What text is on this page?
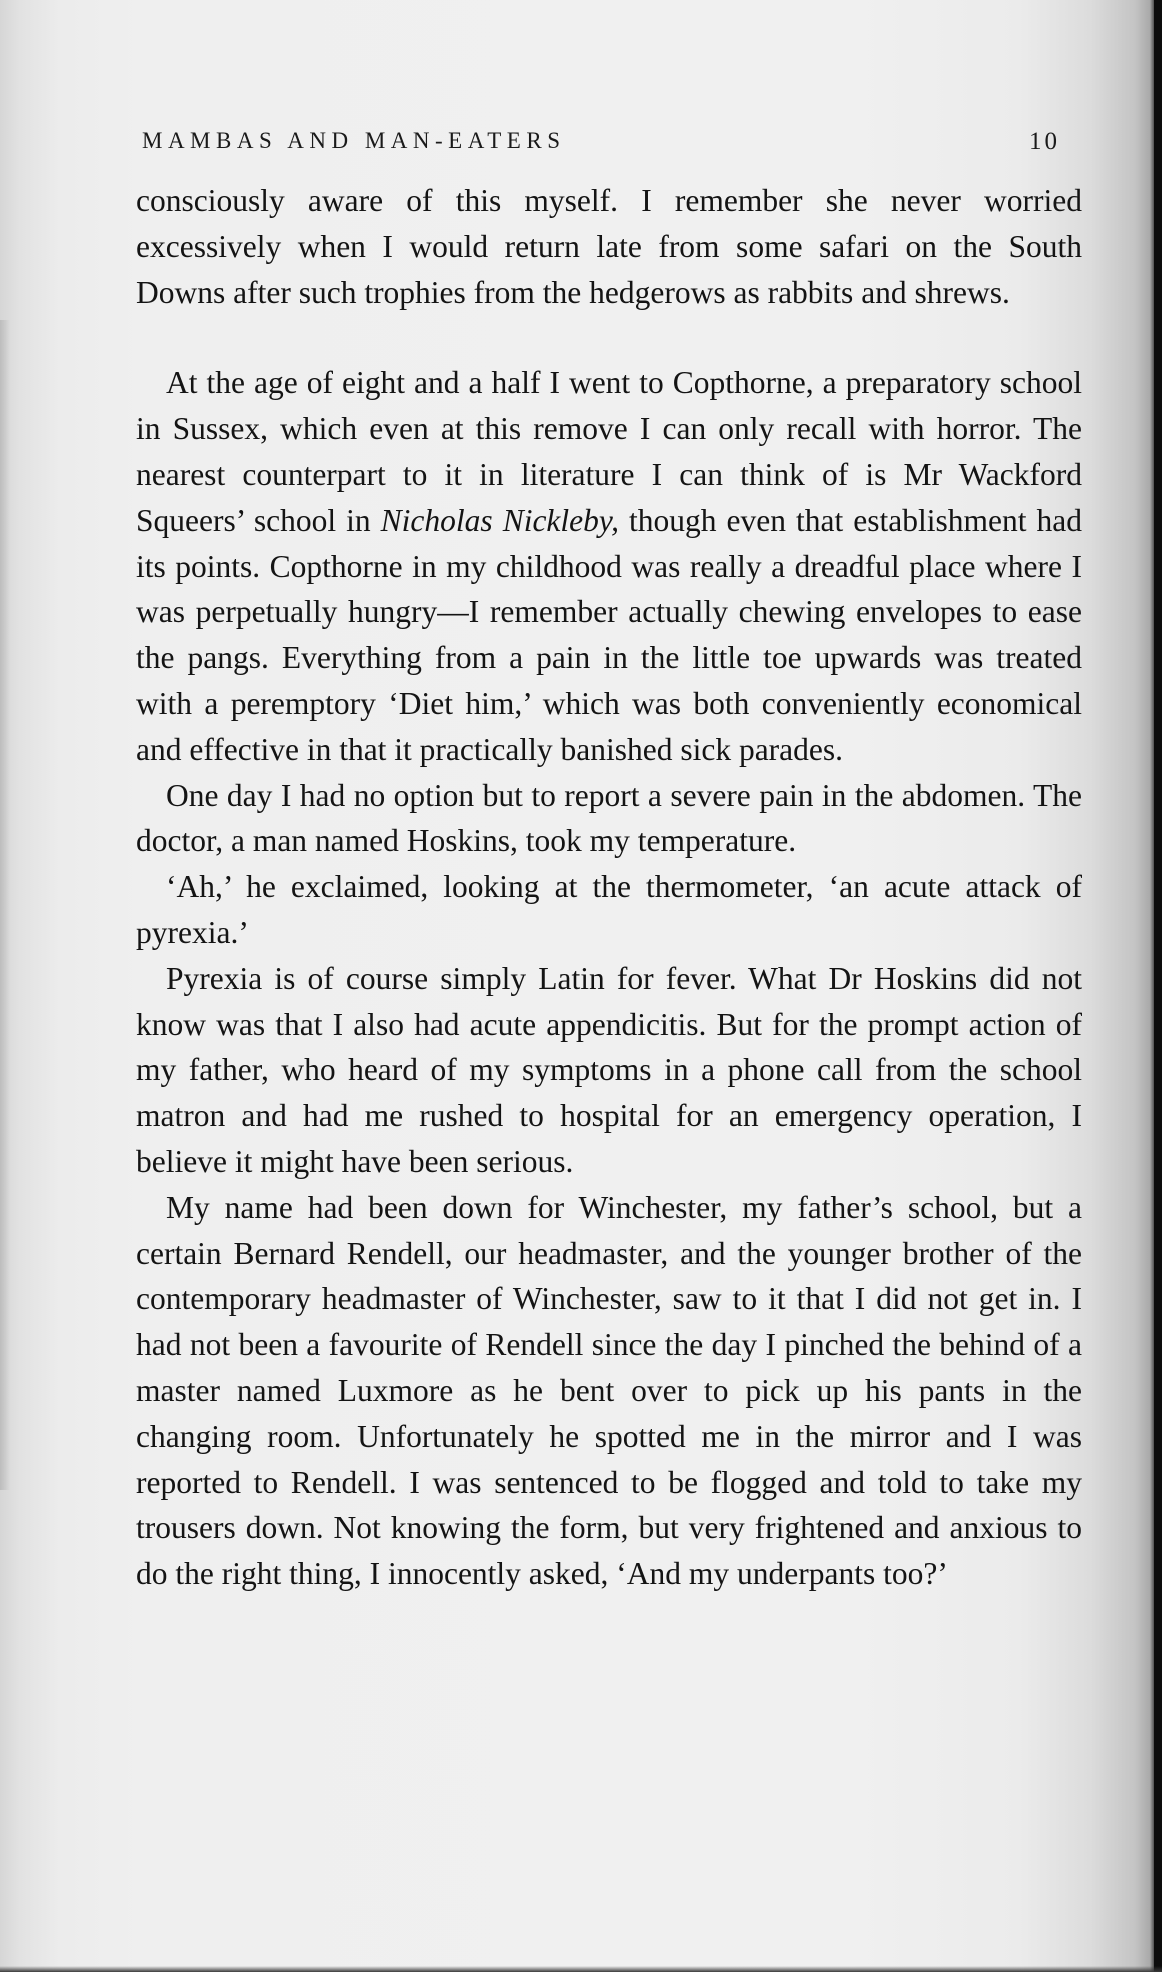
MAMBAS AND MAN-EATERS	10

consciously aware of this myself. I remember she never worried excessively when I would return late from some safari on the South Downs after such trophies from the hedgerows as rabbits and shrews.

At the age of eight and a half I went to Copthorne, a preparatory school in Sussex, which even at this remove I can only recall with horror. The nearest counterpart to it in literature I can think of is Mr Wackford Squeers’ school in Nicholas Nickleby, though even that establishment had its points. Copthorne in my childhood was really a dreadful place where I was perpetually hungry—I remember actually chewing envelopes to ease the pangs. Everything from a pain in the little toe upwards was treated with a peremptory ‘Diet him,’ which was both conveniently economical and effective in that it practically banished sick parades.

One day I had no option but to report a severe pain in the abdomen. The doctor, a man named Hoskins, took my temperature.

‘Ah,’ he exclaimed, looking at the thermometer, ‘an acute attack of pyrexia.’

Pyrexia is of course simply Latin for fever. What Dr Hoskins did not know was that I also had acute appendicitis. But for the prompt action of my father, who heard of my symptoms in a phone call from the school matron and had me rushed to hospital for an emergency operation, I believe it might have been serious.

My name had been down for Winchester, my father’s school, but a certain Bernard Rendell, our headmaster, and the younger brother of the contemporary headmaster of Winchester, saw to it that I did not get in. I had not been a favourite of Rendell since the day I pinched the behind of a master named Luxmore as he bent over to pick up his pants in the changing room. Unfortunately he spotted me in the mirror and I was reported to Rendell. I was sentenced to be flogged and told to take my trousers down. Not knowing the form, but very frightened and anxious to do the right thing, I innocently asked, ‘And my underpants too?’
